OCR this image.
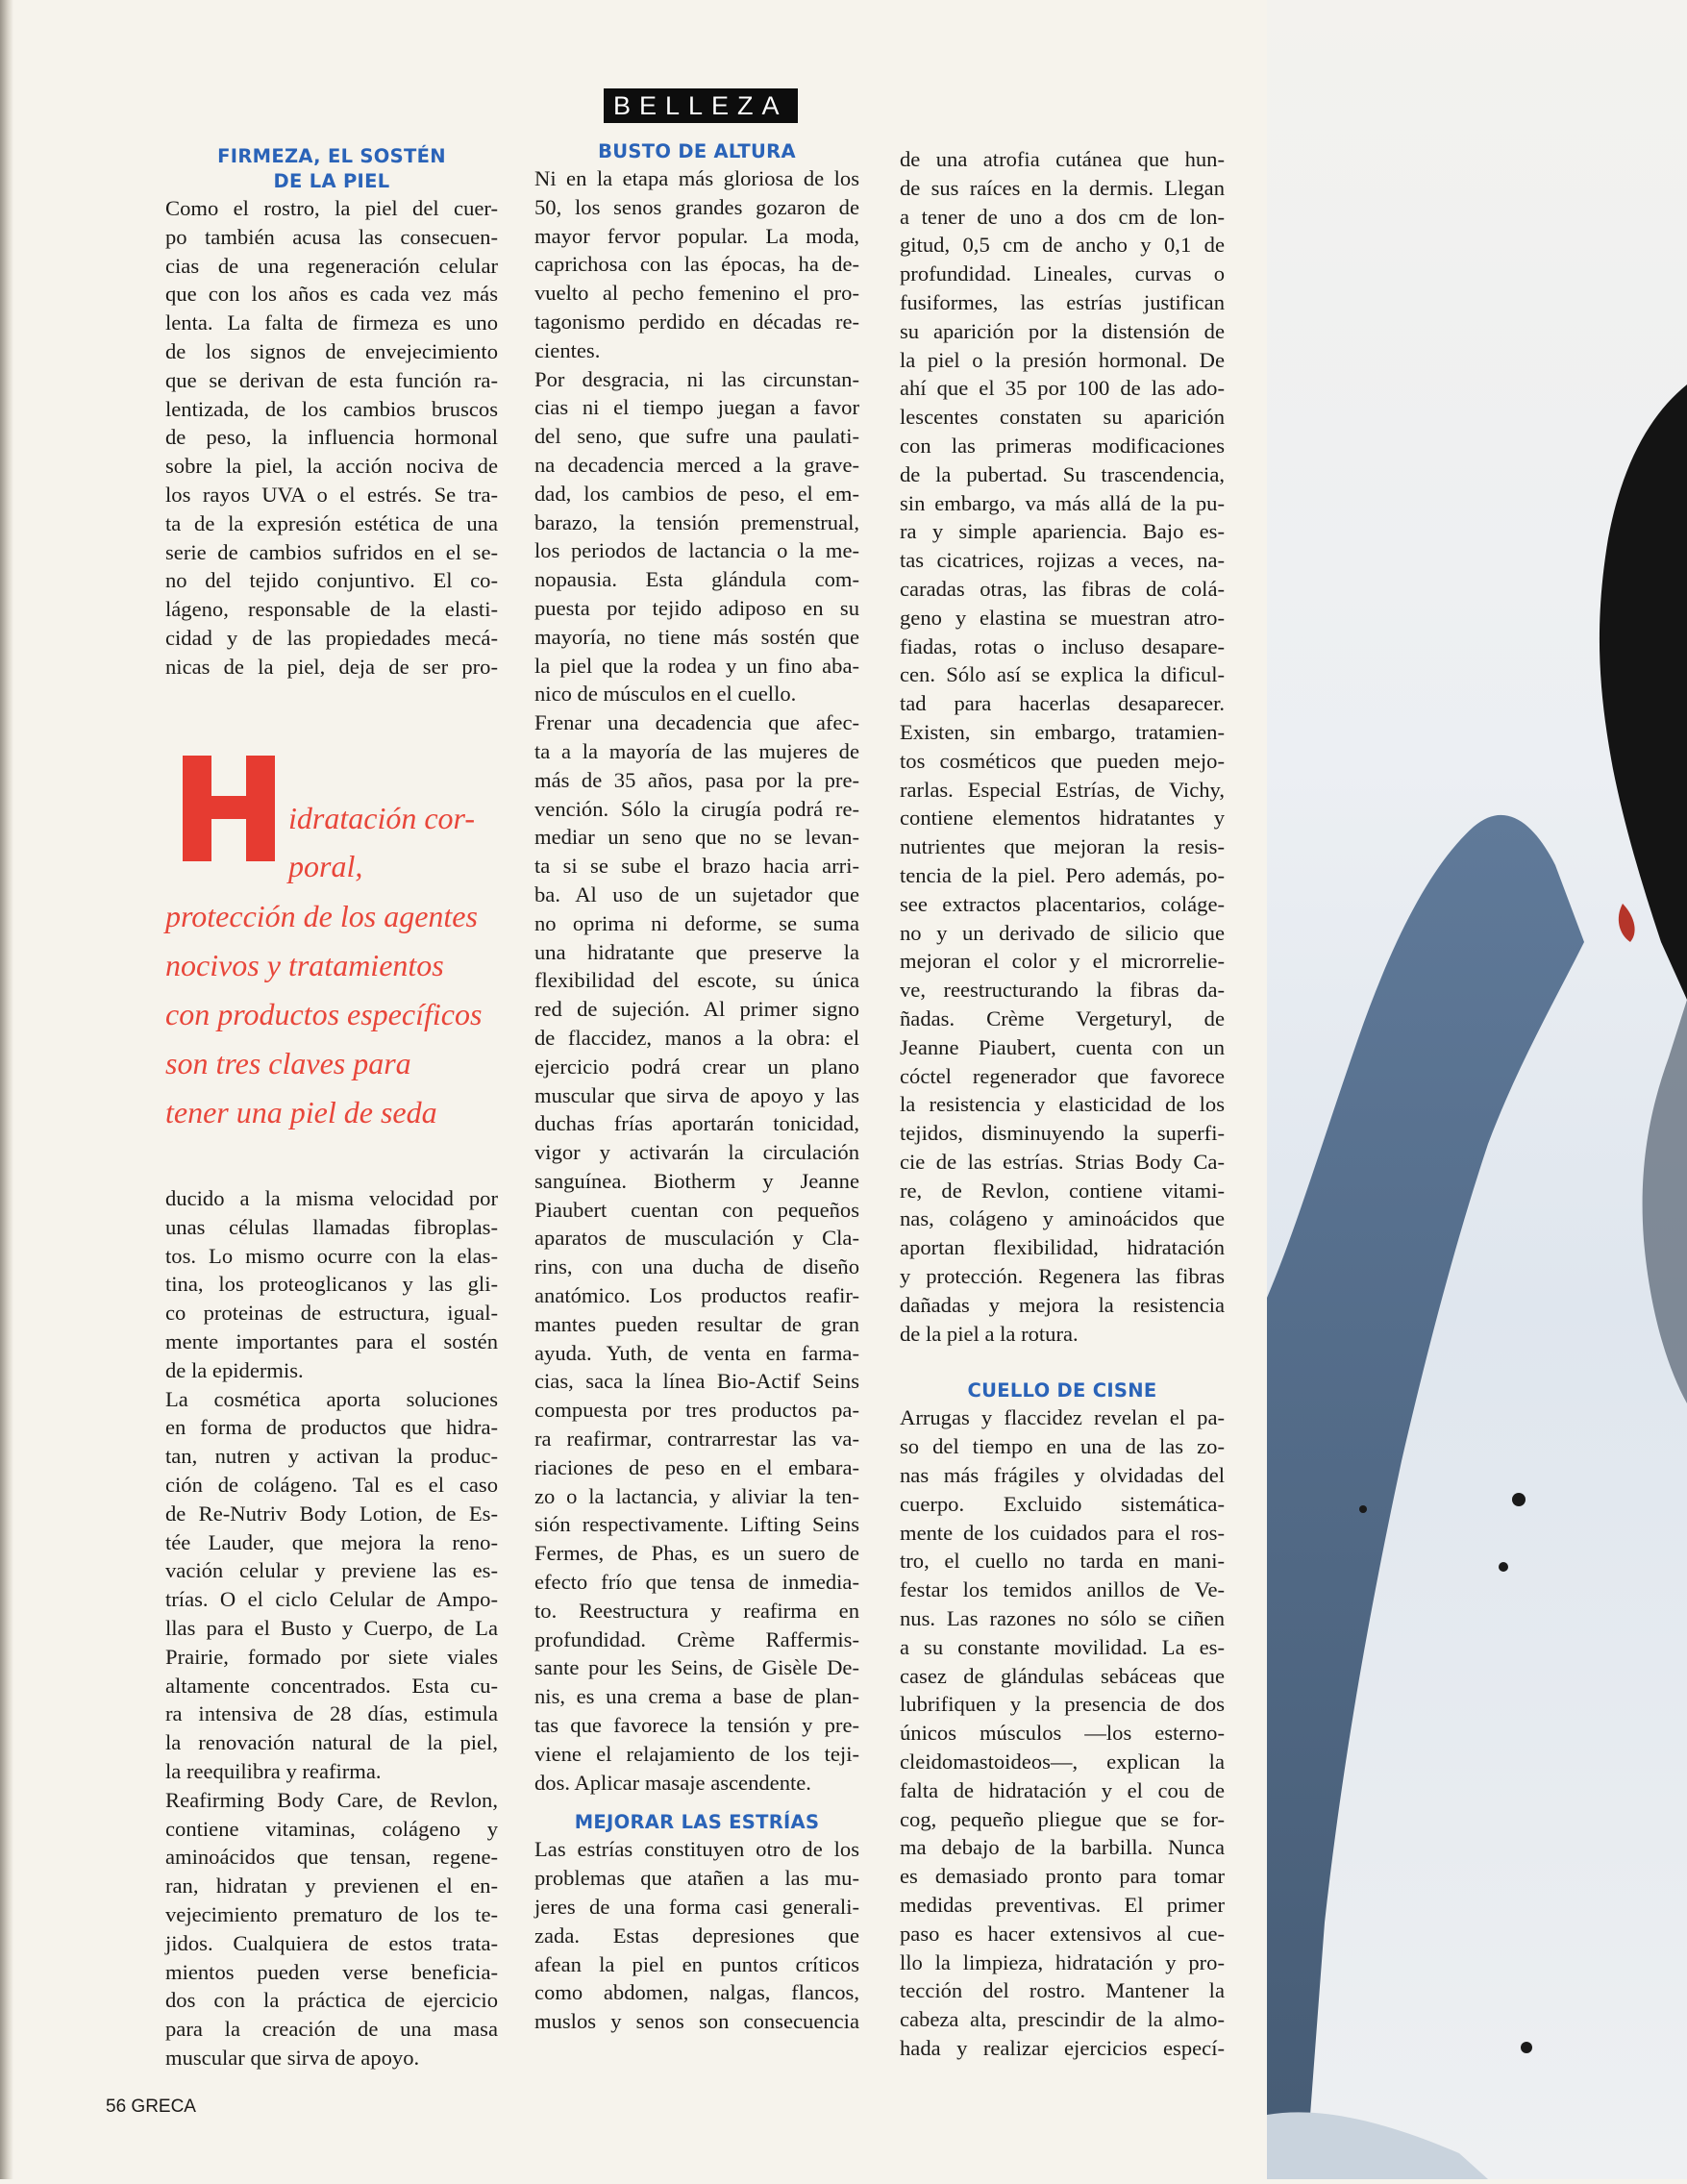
BELLEZA
FIRMEZA, EL SOSTÉN
DE LA PIEL
Como el rostro, la piel del cuer-
po también acusa las consecuen-
cias de una regeneración celular
que con los años es cada vez más
lenta. La falta de firmeza es uno
de los signos de envejecimiento
que se derivan de esta función ra-
lentizada, de los cambios bruscos
de peso, la influencia hormonal
sobre la piel, la acción nociva de
los rayos UVA o el estrés. Se tra-
ta de la expresión estética de una
serie de cambios sufridos en el se-
no del tejido conjuntivo. El co-
lágeno, responsable de la elasti-
cidad y de las propiedades mecá-
nicas de la piel, deja de ser pro-
idratación cor-
poral,
protección de los agentes
nocivos y tratamientos
con productos específicos
son tres claves para
tener una piel de seda
ducido a la misma velocidad por
unas células llamadas fibroplas-
tos. Lo mismo ocurre con la elas-
tina, los proteoglicanos y las gli-
co proteinas de estructura, igual-
mente importantes para el sostén
de la epidermis.
La cosmética aporta soluciones
en forma de productos que hidra-
tan, nutren y activan la produc-
ción de colágeno. Tal es el caso
de Re-Nutriv Body Lotion, de Es-
tée Lauder, que mejora la reno-
vación celular y previene las es-
trías. O el ciclo Celular de Ampo-
llas para el Busto y Cuerpo, de La
Prairie, formado por siete viales
altamente concentrados. Esta cu-
ra intensiva de 28 días, estimula
la renovación natural de la piel,
la reequilibra y reafirma.
Reafirming Body Care, de Revlon,
contiene vitaminas, colágeno y
aminoácidos que tensan, regene-
ran, hidratan y previenen el en-
vejecimiento prematuro de los te-
jidos. Cualquiera de estos trata-
mientos pueden verse beneficia-
dos con la práctica de ejercicio
para la creación de una masa
muscular que sirva de apoyo.
BUSTO DE ALTURA
Ni en la etapa más gloriosa de los
50, los senos grandes gozaron de
mayor fervor popular. La moda,
caprichosa con las épocas, ha de-
vuelto al pecho femenino el pro-
tagonismo perdido en décadas re-
cientes.
Por desgracia, ni las circunstan-
cias ni el tiempo juegan a favor
del seno, que sufre una paulati-
na decadencia merced a la grave-
dad, los cambios de peso, el em-
barazo, la tensión premenstrual,
los periodos de lactancia o la me-
nopausia. Esta glándula com-
puesta por tejido adiposo en su
mayoría, no tiene más sostén que
la piel que la rodea y un fino aba-
nico de músculos en el cuello.
Frenar una decadencia que afec-
ta a la mayoría de las mujeres de
más de 35 años, pasa por la pre-
vención. Sólo la cirugía podrá re-
mediar un seno que no se levan-
ta si se sube el brazo hacia arri-
ba. Al uso de un sujetador que
no oprima ni deforme, se suma
una hidratante que preserve la
flexibilidad del escote, su única
red de sujeción. Al primer signo
de flaccidez, manos a la obra: el
ejercicio podrá crear un plano
muscular que sirva de apoyo y las
duchas frías aportarán tonicidad,
vigor y activarán la circulación
sanguínea. Biotherm y Jeanne
Piaubert cuentan con pequeños
aparatos de musculación y Cla-
rins, con una ducha de diseño
anatómico. Los productos reafir-
mantes pueden resultar de gran
ayuda. Yuth, de venta en farma-
cias, saca la línea Bio-Actif Seins
compuesta por tres productos pa-
ra reafirmar, contrarrestar las va-
riaciones de peso en el embara-
zo o la lactancia, y aliviar la ten-
sión respectivamente. Lifting Seins
Fermes, de Phas, es un suero de
efecto frío que tensa de inmedia-
to. Reestructura y reafirma en
profundidad. Crème Raffermis-
sante pour les Seins, de Gisèle De-
nis, es una crema a base de plan-
tas que favorece la tensión y pre-
viene el relajamiento de los teji-
dos. Aplicar masaje ascendente.
MEJORAR LAS ESTRÍAS
Las estrías constituyen otro de los
problemas que atañen a las mu-
jeres de una forma casi generali-
zada. Estas depresiones que
afean la piel en puntos críticos
como abdomen, nalgas, flancos,
muslos y senos son consecuencia
de una atrofia cutánea que hun-
de sus raíces en la dermis. Llegan
a tener de uno a dos cm de lon-
gitud, 0,5 cm de ancho y 0,1 de
profundidad. Lineales, curvas o
fusiformes, las estrías justifican
su aparición por la distensión de
la piel o la presión hormonal. De
ahí que el 35 por 100 de las ado-
lescentes constaten su aparición
con las primeras modificaciones
de la pubertad. Su trascendencia,
sin embargo, va más allá de la pu-
ra y simple apariencia. Bajo es-
tas cicatrices, rojizas a veces, na-
caradas otras, las fibras de colá-
geno y elastina se muestran atro-
fiadas, rotas o incluso desapare-
cen. Sólo así se explica la dificul-
tad para hacerlas desaparecer.
Existen, sin embargo, tratamien-
tos cosméticos que pueden mejo-
rarlas. Especial Estrías, de Vichy,
contiene elementos hidratantes y
nutrientes que mejoran la resis-
tencia de la piel. Pero además, po-
see extractos placentarios, coláge-
no y un derivado de silicio que
mejoran el color y el microrrelie-
ve, reestructurando la fibras da-
ñadas. Crème Vergeturyl, de
Jeanne Piaubert, cuenta con un
cóctel regenerador que favorece
la resistencia y elasticidad de los
tejidos, disminuyendo la superfi-
cie de las estrías. Strias Body Ca-
re, de Revlon, contiene vitami-
nas, colágeno y aminoácidos que
aportan flexibilidad, hidratación
y protección. Regenera las fibras
dañadas y mejora la resistencia
de la piel a la rotura.
CUELLO DE CISNE
Arrugas y flaccidez revelan el pa-
so del tiempo en una de las zo-
nas más frágiles y olvidadas del
cuerpo. Excluido sistemática-
mente de los cuidados para el ros-
tro, el cuello no tarda en mani-
festar los temidos anillos de Ve-
nus. Las razones no sólo se ciñen
a su constante movilidad. La es-
casez de glándulas sebáceas que
lubrifiquen y la presencia de dos
únicos músculos —los esterno-
cleidomastoideos—, explican la
falta de hidratación y el cou de
cog, pequeño pliegue que se for-
ma debajo de la barbilla. Nunca
es demasiado pronto para tomar
medidas preventivas. El primer
paso es hacer extensivos al cue-
llo la limpieza, hidratación y pro-
tección del rostro. Mantener la
cabeza alta, prescindir de la almo-
hada y realizar ejercicios especí-
56 GRECA
